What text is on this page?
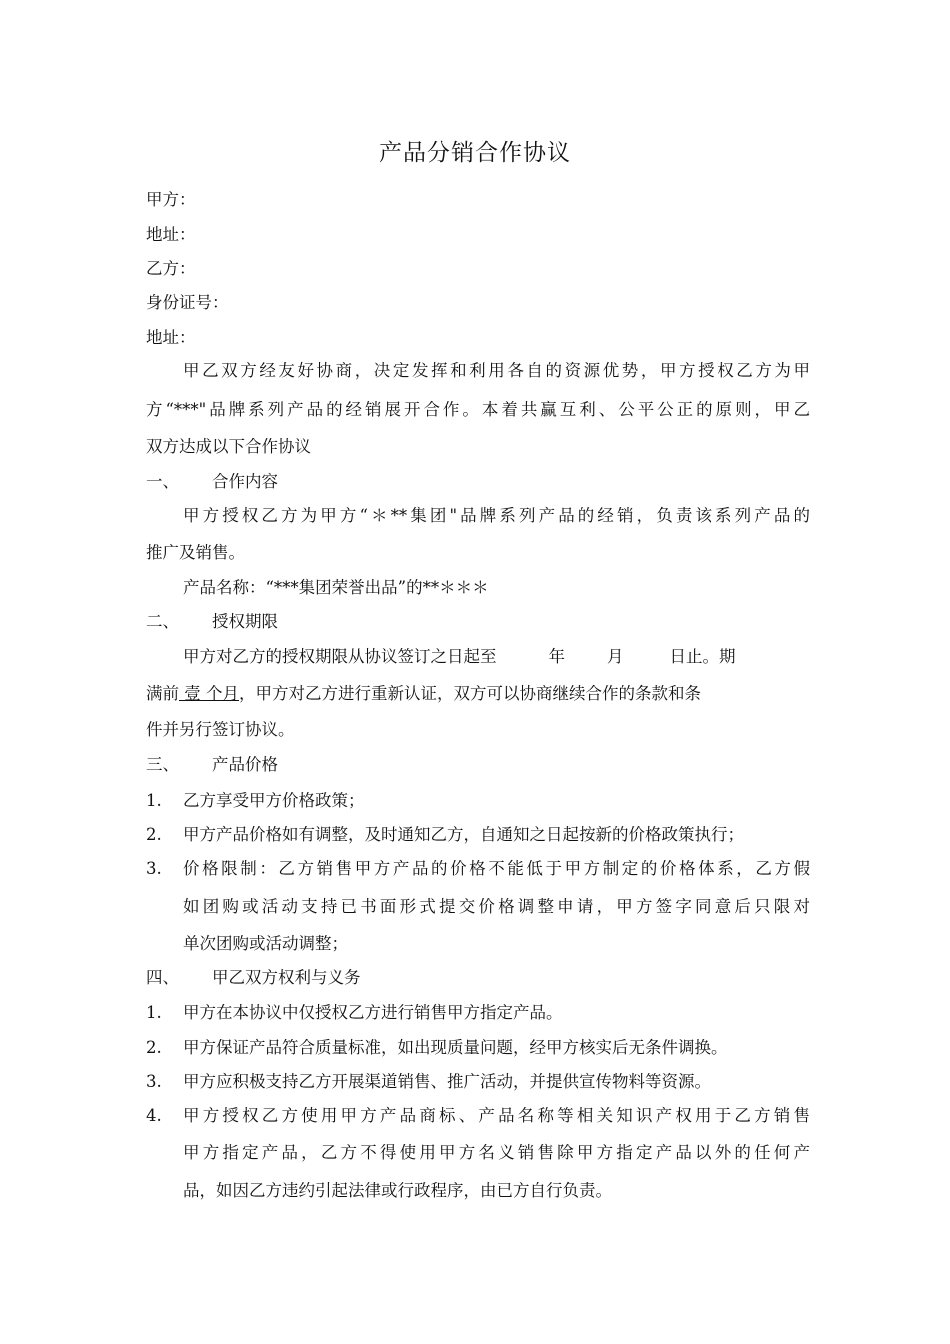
产品分销合作协议
甲方：
地址：
乙方：
身份证号：
地址：
甲乙双方经友好协商，决定发挥和利用各自的资源优势，甲方授权乙方为甲
方“***"品牌系列产品的经销展开合作。本着共赢互利、公平公正的原则，甲乙
双方达成以下合作协议
一、 合作内容
甲方授权乙方为甲方“＊**集团"品牌系列产品的经销，负责该系列产品的
推广及销售。
产品名称：“***集团荣誉出品”的**＊＊＊
二、 授权期限
甲方对乙方的授权期限从协议签订之日起至	年	月	日止。期
满前 壹 个月，甲方对乙方进行重新认证，双方可以协商继续合作的条款和条
件并另行签订协议。
三、 产品价格
1. 乙方享受甲方价格政策；
2. 甲方产品价格如有调整，及时通知乙方，自通知之日起按新的价格政策执行；
3. 价格限制：乙方销售甲方产品的价格不能低于甲方制定的价格体系，乙方假
如团购或活动支持已书面形式提交价格调整申请，甲方签字同意后只限对
单次团购或活动调整；
四、 甲乙双方权利与义务
1. 甲方在本协议中仅授权乙方进行销售甲方指定产品。
2. 甲方保证产品符合质量标准，如出现质量问题，经甲方核实后无条件调换。
3. 甲方应积极支持乙方开展渠道销售、推广活动，并提供宣传物料等资源。
4. 甲方授权乙方使用甲方产品商标、产品名称等相关知识产权用于乙方销售
甲方指定产品，乙方不得使用甲方名义销售除甲方指定产品以外的任何产
品，如因乙方违约引起法律或行政程序，由已方自行负责。
